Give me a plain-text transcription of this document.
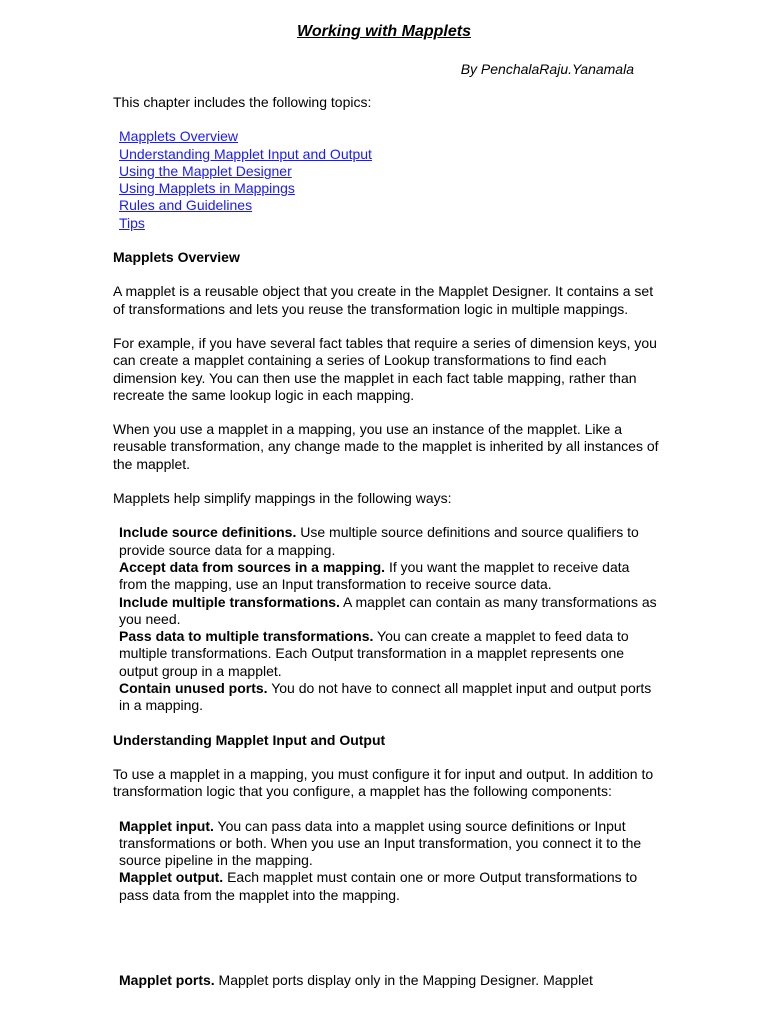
Working with Mapplets
By PenchalaRaju.Yanamala

This chapter includes the following topics:

Mapplets Overview
Understanding Mapplet Input and Output
Using the Mapplet Designer
Using Mapplets in Mappings
Rules and Guidelines
Tips

Mapplets Overview

A mapplet is a reusable object that you create in the Mapplet Designer. It contains a set of transformations and lets you reuse the transformation logic in multiple mappings.

For example, if you have several fact tables that require a series of dimension keys, you can create a mapplet containing a series of Lookup transformations to find each dimension key. You can then use the mapplet in each fact table mapping, rather than recreate the same lookup logic in each mapping.

When you use a mapplet in a mapping, you use an instance of the mapplet. Like a reusable transformation, any change made to the mapplet is inherited by all instances of the mapplet.

Mapplets help simplify mappings in the following ways:

Include source definitions. Use multiple source definitions and source qualifiers to provide source data for a mapping.

Accept data from sources in a mapping. If you want the mapplet to receive data from the mapping, use an Input transformation to receive source data.

Include multiple transformations. A mapplet can contain as many transformations as you need.

Pass data to multiple transformations. You can create a mapplet to feed data to multiple transformations. Each Output transformation in a mapplet represents one output group in a mapplet.

Contain unused ports. You do not have to connect all mapplet input and output ports in a mapping.

Understanding Mapplet Input and Output

To use a mapplet in a mapping, you must configure it for input and output. In addition to transformation logic that you configure, a mapplet has the following components:

Mapplet input. You can pass data into a mapplet using source definitions or Input transformations or both. When you use an Input transformation, you connect it to the source pipeline in the mapping.

Mapplet output. Each mapplet must contain one or more Output transformations to pass data from the mapplet into the mapping.

Mapplet ports. Mapplet ports display only in the Mapping Designer. Mapplet
